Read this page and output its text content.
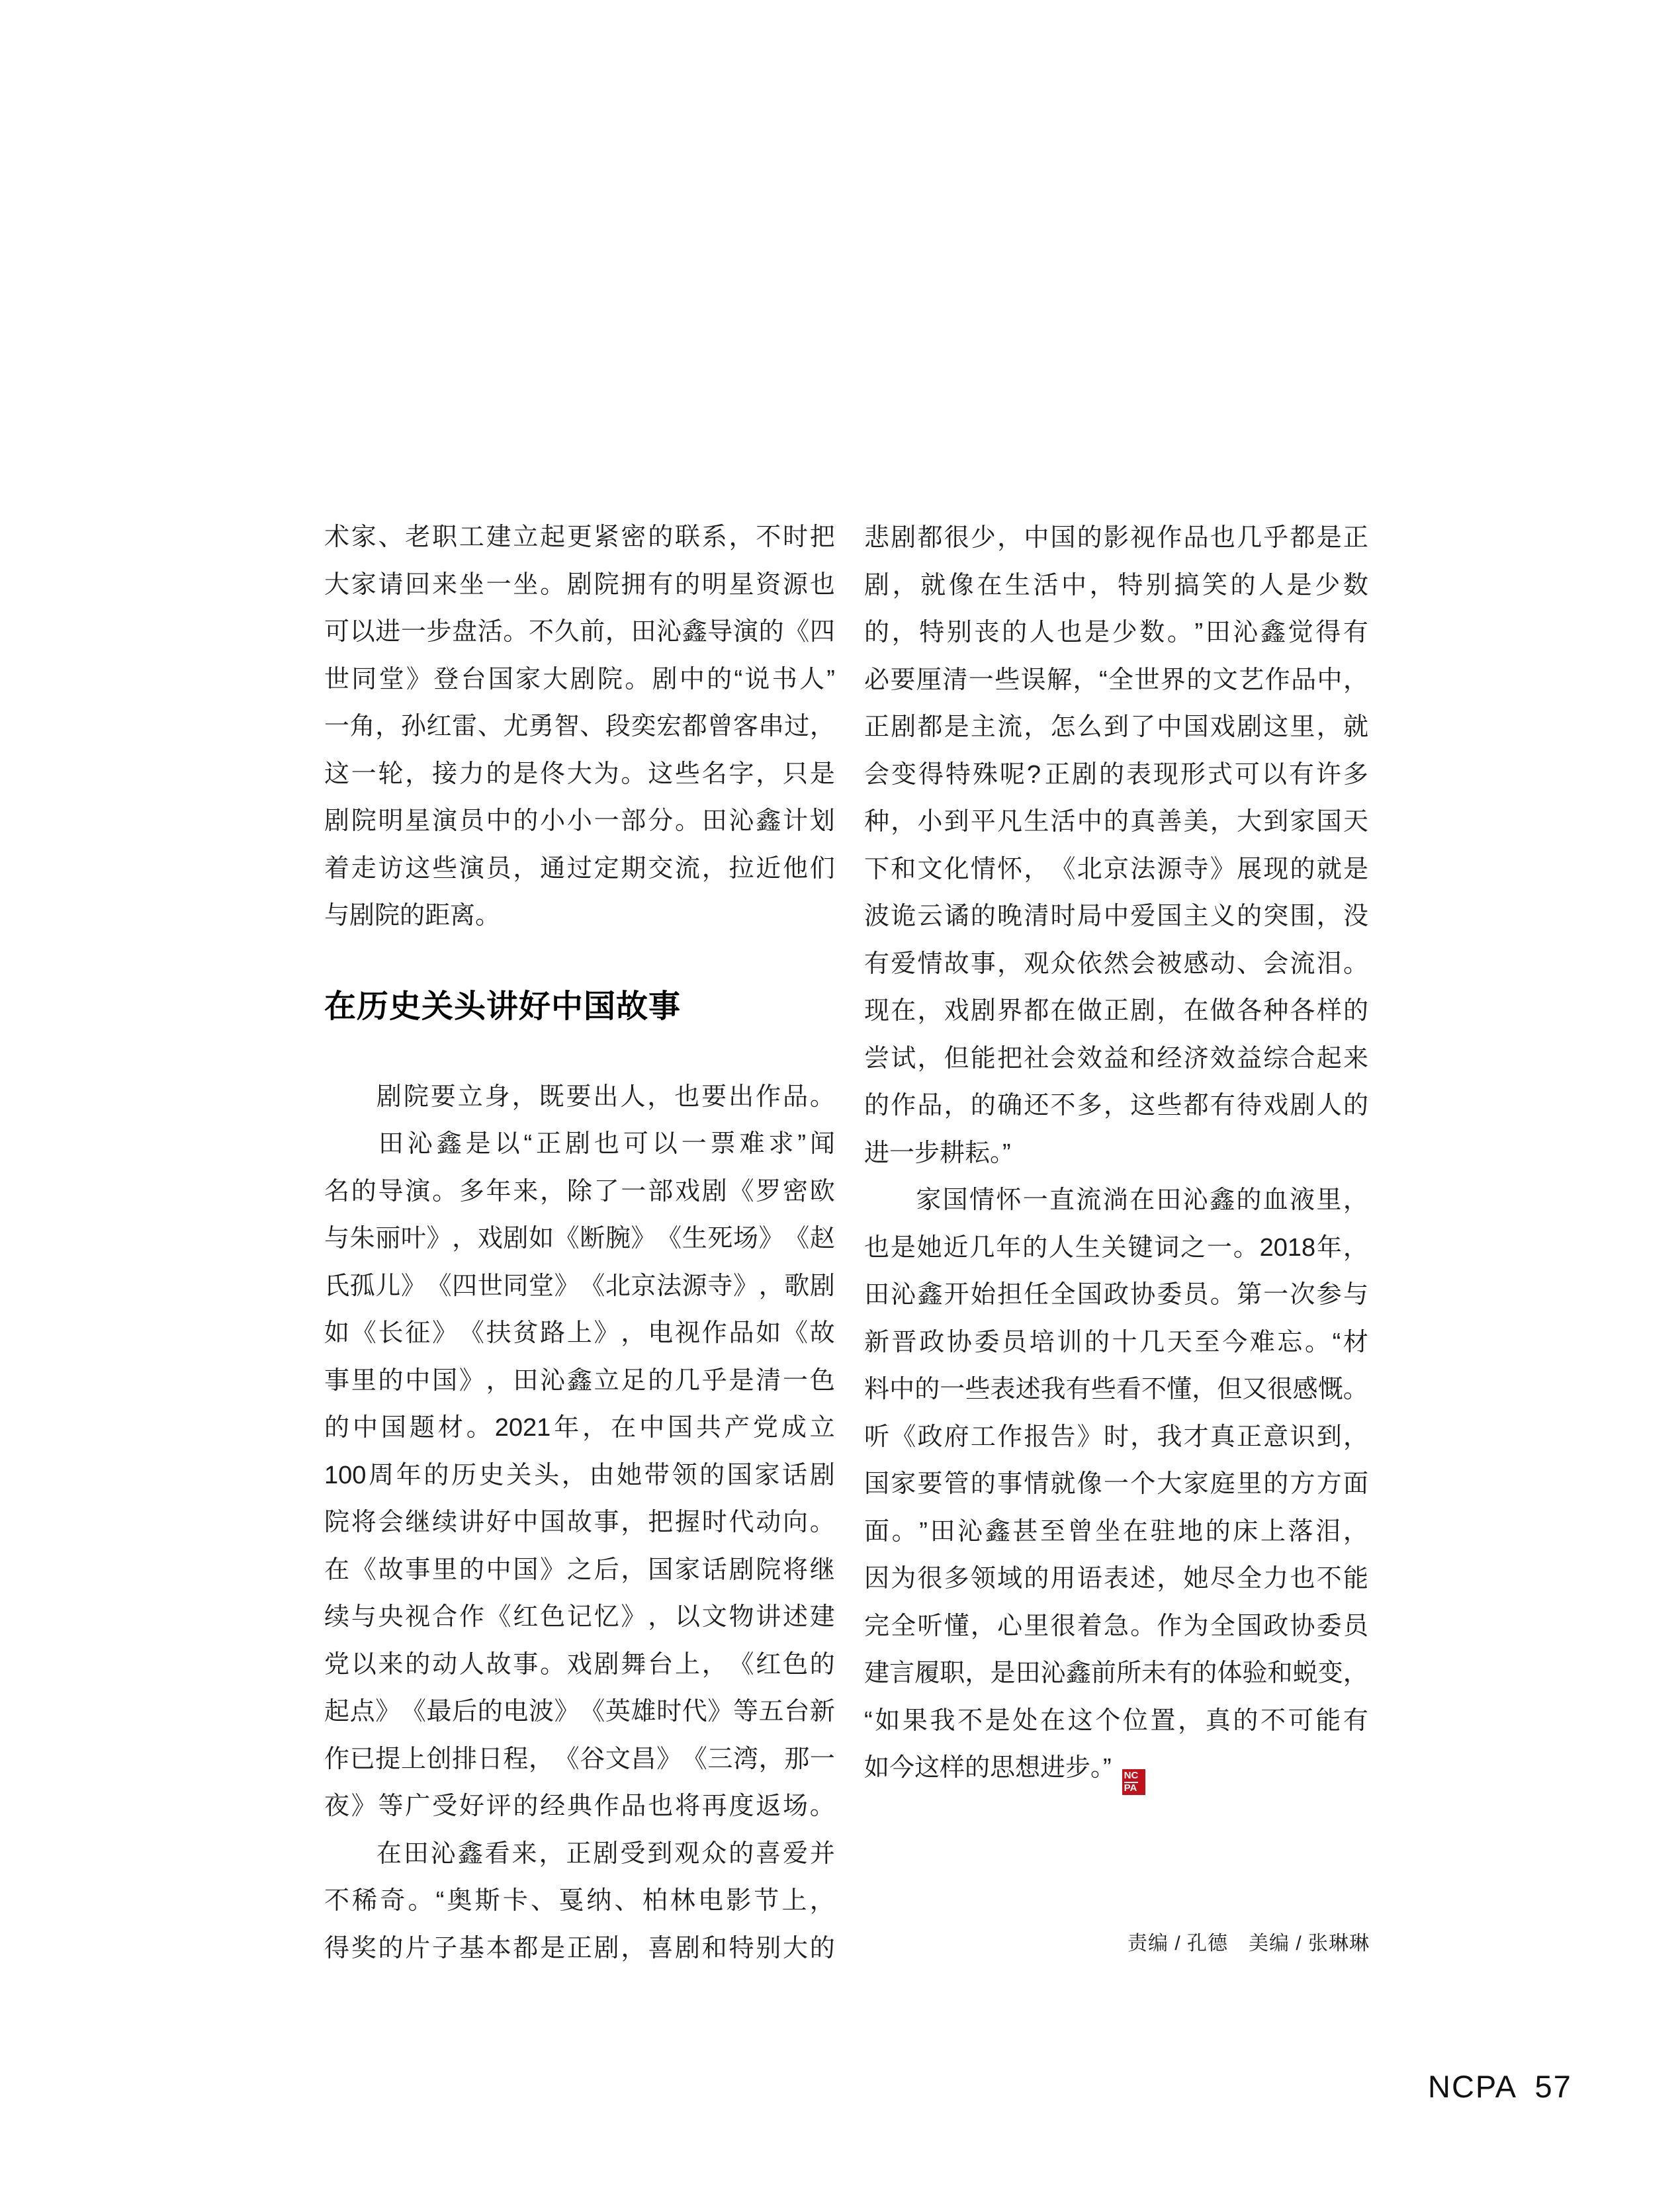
术 家 、 老 职 工 建 立 起 更 紧 密 的 联 系 ， 不 时 把
大 家 请 回 来 坐 一 坐 。 剧 院 拥 有 的 明 星 资 源 也
可 以 进 一 步 盘 活 。 不 久 前 ， 田 沁 鑫 导 演 的 《 四
世 同 堂 》 登 台 国 家 大 剧 院 。 剧 中 的 “ 说 书 人 ”
一 角 ， 孙 红 雷 、 尤 勇 智 、 段 奕 宏 都 曾 客 串 过 ，
这 一 轮 ， 接 力 的 是 佟 大 为 。 这 些 名 字 ， 只 是
剧 院 明 星 演 员 中 的 小 小 一 部 分 。 田 沁 鑫 计 划
着 走 访 这 些 演 员 ， 通 过 定 期 交 流 ， 拉 近 他 们
与剧院的距离。
在历史关头讲好中国故事
剧 院 要 立 身 ， 既 要 出 人 ， 也 要 出 作 品 。
田 沁 鑫 是 以 “ 正 剧 也 可 以 一 票 难 求 ” 闻
名 的 导 演 。 多 年 来 ， 除 了 一 部 戏 剧 《 罗 密 欧
与 朱 丽 叶 》 ， 戏 剧 如 《 断 腕 》 《 生 死 场 》 《 赵
氏 孤 儿 》 《 四 世 同 堂 》 《 北 京 法 源 寺 》 ， 歌 剧
如 《 长 征 》 《 扶 贫 路 上 》 ， 电 视 作 品 如 《 故
事 里 的 中 国 》 ， 田 沁 鑫 立 足 的 几 乎 是 清 一 色
的 中 国 题 材 。 2021 年 ， 在 中 国 共 产 党 成 立
100 周 年 的 历 史 关 头 ， 由 她 带 领 的 国 家 话 剧
院 将 会 继 续 讲 好 中 国 故 事 ， 把 握 时 代 动 向 。
在 《 故 事 里 的 中 国 》 之 后 ， 国 家 话 剧 院 将 继
续 与 央 视 合 作 《 红 色 记 忆 》 ， 以 文 物 讲 述 建
党 以 来 的 动 人 故 事 。 戏 剧 舞 台 上 ， 《 红 色 的
起 点 》 《 最 后 的 电 波 》 《 英 雄 时 代 》 等 五 台 新
作 已 提 上 创 排 日 程 ， 《 谷 文 昌 》 《 三 湾 ， 那 一
夜 》 等 广 受 好 评 的 经 典 作 品 也 将 再 度 返 场 。
在 田 沁 鑫 看 来 ， 正 剧 受 到 观 众 的 喜 爱 并
不 稀 奇 。 “ 奥 斯 卡 、 戛 纳 、 柏 林 电 影 节 上 ，
得 奖 的 片 子 基 本 都 是 正 剧 ， 喜 剧 和 特 别 大 的
悲 剧 都 很 少 ， 中 国 的 影 视 作 品 也 几 乎 都 是 正
剧 ， 就 像 在 生 活 中 ， 特 别 搞 笑 的 人 是 少 数
的 ， 特 别 丧 的 人 也 是 少 数 。 ” 田 沁 鑫 觉 得 有
必 要 厘 清 一 些 误 解 ， “ 全 世 界 的 文 艺 作 品 中 ，
正 剧 都 是 主 流 ， 怎 么 到 了 中 国 戏 剧 这 里 ， 就
会 变 得 特 殊 呢 ? 正 剧 的 表 现 形 式 可 以 有 许 多
种 ， 小 到 平 凡 生 活 中 的 真 善 美 ， 大 到 家 国 天
下 和 文 化 情 怀 ， 《 北 京 法 源 寺 》 展 现 的 就 是
波 诡 云 谲 的 晚 清 时 局 中 爱 国 主 义 的 突 围 ， 没
有 爱 情 故 事 ， 观 众 依 然 会 被 感 动 、 会 流 泪 。
现 在 ， 戏 剧 界 都 在 做 正 剧 ， 在 做 各 种 各 样 的
尝 试 ， 但 能 把 社 会 效 益 和 经 济 效 益 综 合 起 来
的 作 品 ， 的 确 还 不 多 ， 这 些 都 有 待 戏 剧 人 的
进一步耕耘。”
家 国 情 怀 一 直 流 淌 在 田 沁 鑫 的 血 液 里 ，
也 是 她 近 几 年 的 人 生 关 键 词 之 一 。 2018 年 ，
田 沁 鑫 开 始 担 任 全 国 政 协 委 员 。 第 一 次 参 与
新 晋 政 协 委 员 培 训 的 十 几 天 至 今 难 忘 。 “ 材
料 中 的 一 些 表 述 我 有 些 看 不 懂 ， 但 又 很 感 慨 。
听 《 政 府 工 作 报 告 》 时 ， 我 才 真 正 意 识 到 ，
国 家 要 管 的 事 情 就 像 一 个 大 家 庭 里 的 方 方 面
面 。 ” 田 沁 鑫 甚 至 曾 坐 在 驻 地 的 床 上 落 泪 ，
因 为 很 多 领 域 的 用 语 表 述 ， 她 尽 全 力 也 不 能
完 全 听 懂 ， 心 里 很 着 急 。 作 为 全 国 政 协 委 员
建 言 履 职 ， 是 田 沁 鑫 前 所 未 有 的 体 验 和 蜕 变 ，
“ 如 果 我 不 是 处 在 这 个 位 置 ， 真 的 不 可 能 有
如今这样的思想进步。”
$\frac{NC}{PA}$
责编 / 孔德　美编 / 张琳琳
NCPA 57
